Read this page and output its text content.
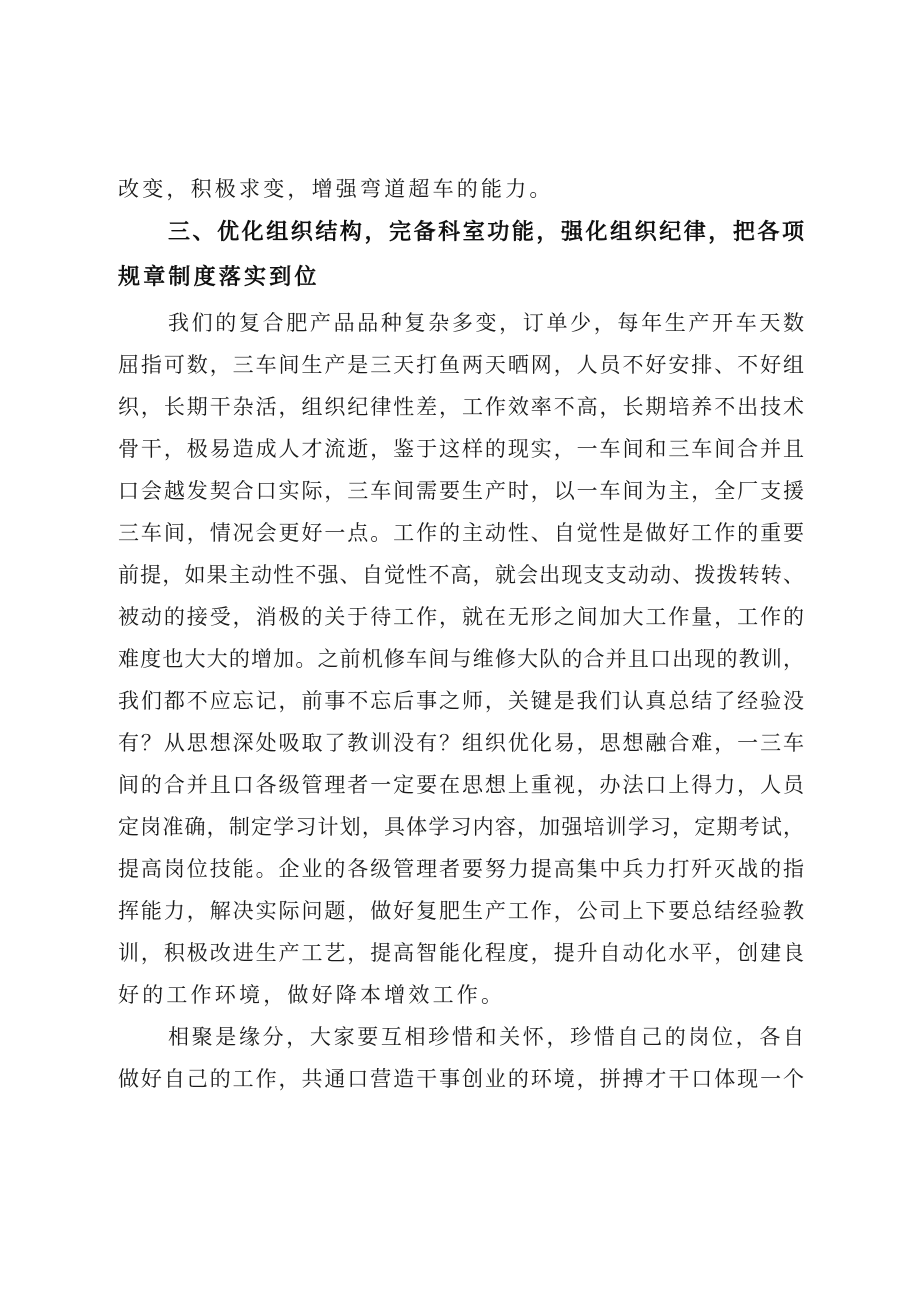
改变，积极求变，增强弯道超车的能力。
三、优化组织结构，完备科室功能，强化组织纪律，把各项
规章制度落实到位
我们的复合肥产品品种复杂多变，订单少，每年生产开车天数
屈指可数，三车间生产是三天打鱼两天晒网，人员不好安排、不好组
织，长期干杂活，组织纪律性差，工作效率不高，长期培养不出技术
骨干，极易造成人才流逝，鉴于这样的现实，一车间和三车间合并且
口会越发契合口实际，三车间需要生产时，以一车间为主，全厂支援
三车间，情况会更好一点。工作的主动性、自觉性是做好工作的重要
前提，如果主动性不强、自觉性不高，就会出现支支动动、拨拨转转、
被动的接受，消极的关于待工作，就在无形之间加大工作量，工作的
难度也大大的增加。之前机修车间与维修大队的合并且口出现的教训，
我们都不应忘记，前事不忘后事之师，关键是我们认真总结了经验没
有？从思想深处吸取了教训没有？组织优化易，思想融合难，一三车
间的合并且口各级管理者一定要在思想上重视，办法口上得力，人员
定岗准确，制定学习计划，具体学习内容，加强培训学习，定期考试，
提高岗位技能。企业的各级管理者要努力提高集中兵力打歼灭战的指
挥能力，解决实际问题，做好复肥生产工作，公司上下要总结经验教
训，积极改进生产工艺，提高智能化程度，提升自动化水平，创建良
好的工作环境，做好降本增效工作。
相聚是缘分，大家要互相珍惜和关怀，珍惜自己的岗位，各自
做好自己的工作，共通口营造干事创业的环境，拼搏才干口体现一个
